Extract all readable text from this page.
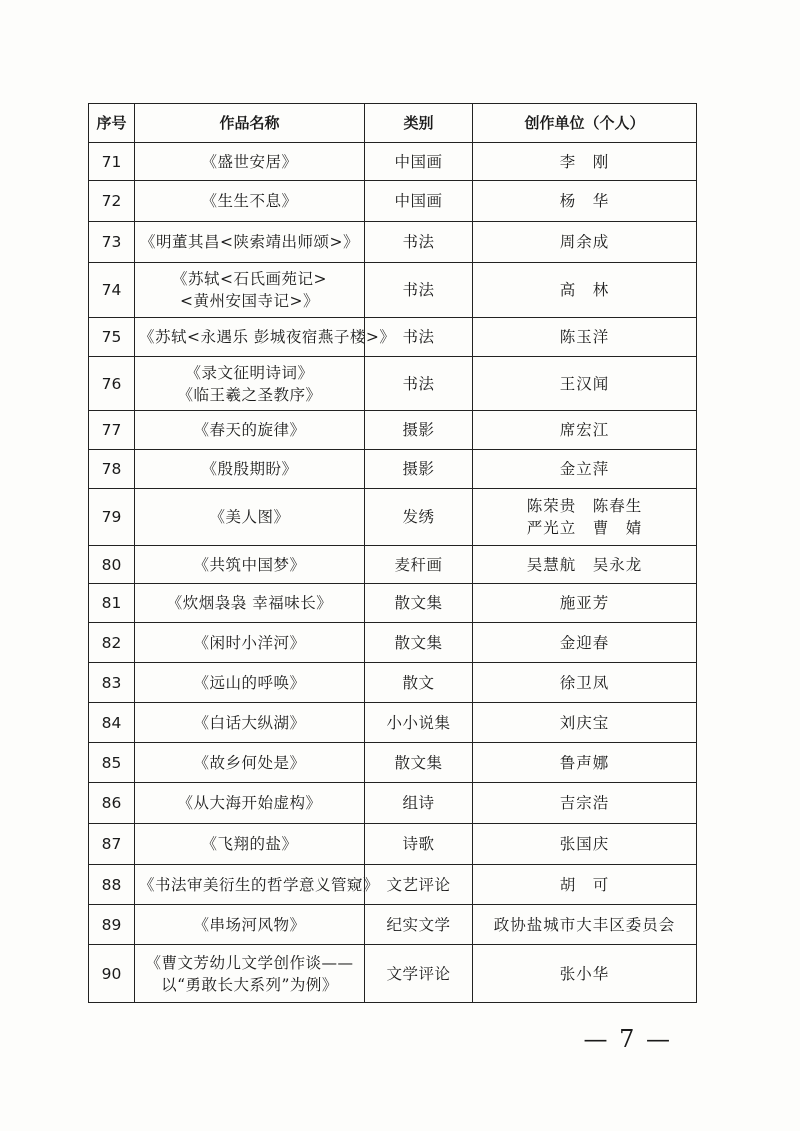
序号	作品名称	类别	创作单位（个人）
71	《盛世安居》	中国画	李　刚

72	《生生不息》	中国画	杨　华

73	《明董其昌<陕索靖出师颂>》	书法	周余成

74	《苏轼<石氏画苑记>
<黄州安国寺记>》	书法	高　林

75	《苏轼<永遇乐 彭城夜宿燕子楼>》	书法	陈玉洋

76	《录文征明诗词》
《临王羲之圣教序》	书法	王汉闻

77	《春天的旋律》	摄影	席宏江

78	《殷殷期盼》	摄影	金立萍

79	《美人图》	发绣	陈荣贵　陈春生
严光立　曹　婧

80	《共筑中国梦》	麦秆画	吴慧航　吴永龙

81	《炊烟袅袅 幸福味长》	散文集	施亚芳

82	《闲时小洋河》	散文集	金迎春

83	《远山的呼唤》	散文	徐卫凤

84	《白话大纵湖》	小小说集	刘庆宝

85	《故乡何处是》	散文集	鲁声娜

86	《从大海开始虚构》	组诗	吉宗浩

87	《飞翔的盐》	诗歌	张国庆

88	《书法审美衍生的哲学意义管窥》	文艺评论	胡　可

89	《串场河风物》	纪实文学	政协盐城市大丰区委员会

90	《曹文芳幼儿文学创作谈——
以“勇敢长大系列”为例》	文学评论	张小华
— 7 —
